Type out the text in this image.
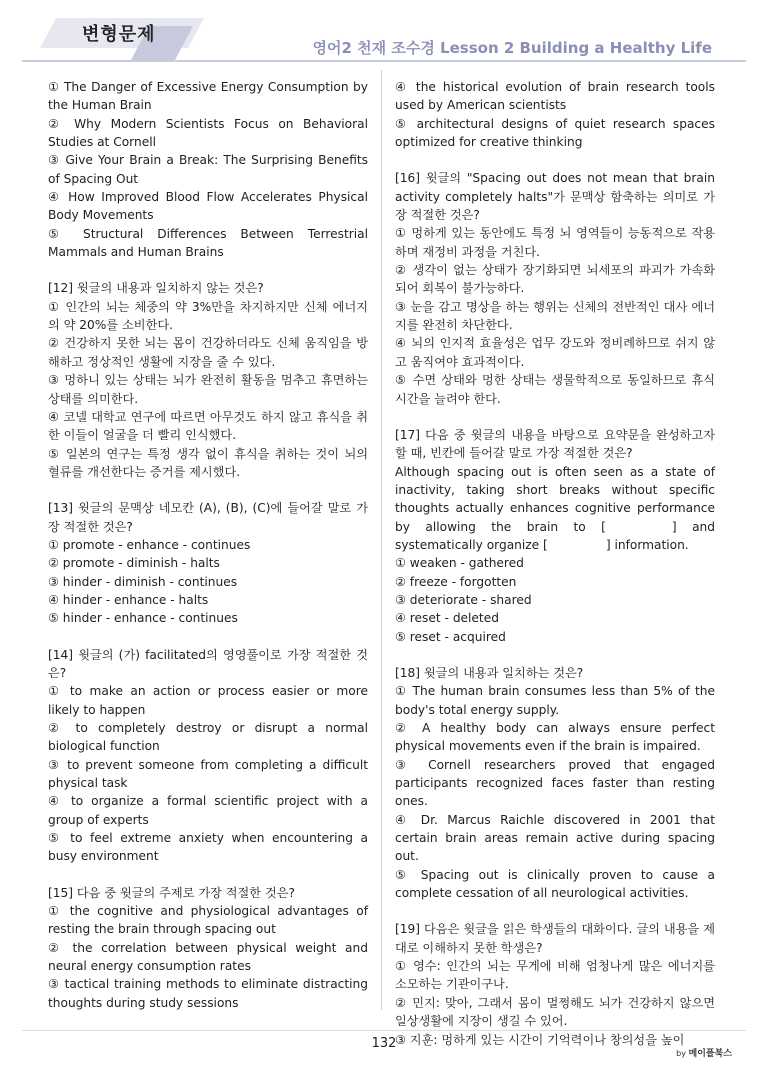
변형문제
영어2 천재 조수경 Lesson 2 Building a Healthy Life

① The Danger of Excessive Energy Consumption by the Human Brain

② Why Modern Scientists Focus on Behavioral Studies at Cornell

③ Give Your Brain a Break: The Surprising Benefits of Spacing Out

④ How Improved Blood Flow Accelerates Physical Body Movements

⑤ Structural Differences Between Terrestrial Mammals and Human Brains

[12] 윗글의 내용과 일치하지 않는 것은?

① 인간의 뇌는 체중의 약 3%만을 차지하지만 신체 에너지의 약 20%를 소비한다.

② 건강하지 못한 뇌는 몸이 건강하더라도 신체 움직임을 방해하고 정상적인 생활에 지장을 줄 수 있다.

③ 멍하니 있는 상태는 뇌가 완전히 활동을 멈추고 휴면하는 상태를 의미한다.

④ 코넬 대학교 연구에 따르면 아무것도 하지 않고 휴식을 취한 이들이 얼굴을 더 빨리 인식했다.

⑤ 일본의 연구는 특정 생각 없이 휴식을 취하는 것이 뇌의 혈류를 개선한다는 증거를 제시했다.

[13] 윗글의 문맥상 네모칸 (A), (B), (C)에 들어갈 말로 가장 적절한 것은?

① promote - enhance - continues

② promote - diminish - halts

③ hinder - diminish - continues

④ hinder - enhance - halts

⑤ hinder - enhance - continues

[14] 윗글의 (가) facilitated의 영영풀이로 가장 적절한 것은?

① to make an action or process easier or more likely to happen

② to completely destroy or disrupt a normal biological function

③ to prevent someone from completing a difficult physical task

④ to organize a formal scientific project with a group of experts

⑤ to feel extreme anxiety when encountering a busy environment

[15] 다음 중 윗글의 주제로 가장 적절한 것은?

① the cognitive and physiological advantages of resting the brain through spacing out

② the correlation between physical weight and neural energy consumption rates

③ tactical training methods to eliminate distracting thoughts during study sessions

④ the historical evolution of brain research tools used by American scientists

⑤ architectural designs of quiet research spaces optimized for creative thinking

[16] 윗글의 "Spacing out does not mean that brain activity completely halts"가 문맥상 함축하는 의미로 가장 적절한 것은?

① 멍하게 있는 동안에도 특정 뇌 영역들이 능동적으로 작용하며 재정비 과정을 거친다.

② 생각이 없는 상태가 장기화되면 뇌세포의 파괴가 가속화되어 회복이 불가능하다.

③ 눈을 감고 명상을 하는 행위는 신체의 전반적인 대사 에너지를 완전히 차단한다.

④ 뇌의 인지적 효율성은 업무 강도와 정비례하므로 쉬지 않고 움직여야 효과적이다.

⑤ 수면 상태와 멍한 상태는 생물학적으로 동일하므로 휴식 시간을 늘려야 한다.

[17] 다음 중 윗글의 내용을 바탕으로 요약문을 완성하고자 할 때, 빈칸에 들어갈 말로 가장 적절한 것은?

Although spacing out is often seen as a state of inactivity, taking short breaks without specific thoughts actually enhances cognitive performance by allowing the brain to [	] and systematically organize [	] information.

① weaken - gathered

② freeze - forgotten

③ deteriorate - shared

④ reset - deleted

⑤ reset - acquired

[18] 윗글의 내용과 일치하는 것은?

① The human brain consumes less than 5% of the body's total energy supply.

② A healthy body can always ensure perfect physical movements even if the brain is impaired.

③ Cornell researchers proved that engaged participants recognized faces faster than resting ones.

④ Dr. Marcus Raichle discovered in 2001 that certain brain areas remain active during spacing out.

⑤ Spacing out is clinically proven to cause a complete cessation of all neurological activities.

[19] 다음은 윗글을 읽은 학생들의 대화이다. 글의 내용을 제대로 이해하지 못한 학생은?

① 영수: 인간의 뇌는 무게에 비해 엄청나게 많은 에너지를 소모하는 기관이구나.

② 민지: 맞아, 그래서 몸이 멀쩡해도 뇌가 건강하지 않으면 일상생활에 지장이 생길 수 있어.

③ 지훈: 멍하게 있는 시간이 기억력이나 창의성을 높이

132
by 메이플북스
